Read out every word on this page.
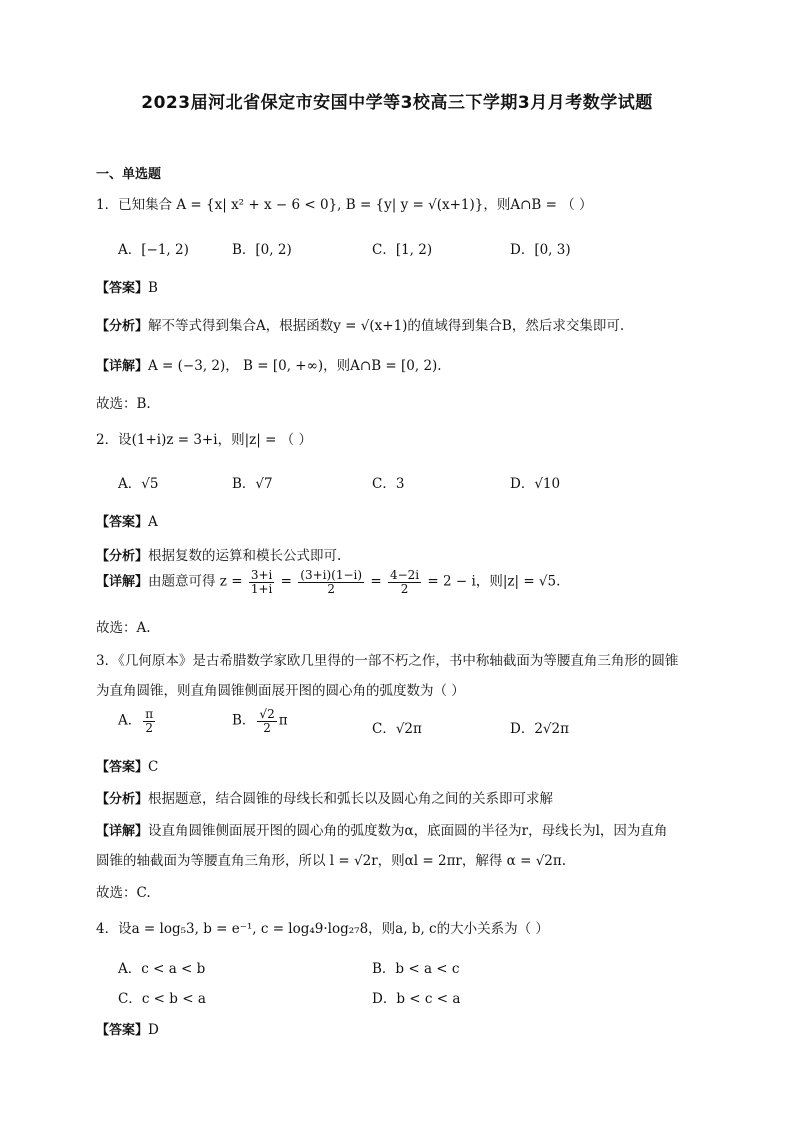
2023届河北省保定市安国中学等3校高三下学期3月月考数学试题
一、单选题
1．已知集合 A = {x| x² + x − 6 < 0}, B = {y| y = √(x+1)}，则A∩B = （ ）
A．[−1, 2)	B．[0, 2)	C．[1, 2)	D．[0, 3)
【答案】B
【分析】解不等式得到集合A，根据函数y = √(x+1)的值域得到集合B，然后求交集即可.
【详解】A = (−3, 2)， B = [0, +∞)，则A∩B = [0, 2).
故选：B.
2．设(1+i)z = 3+i，则|z| = （ ）
A．√5	B．√7	C．3	D．√10
【答案】A
【分析】根据复数的运算和模长公式即可.
【详解】由题意可得 $z = \frac{3+i}{1+i} = \frac{(3+i)(1-i)}{2} = \frac{4-2i}{2} = 2 - i$，则|z| = √5.
故选：A.
3．《几何原本》是古希腊数学家欧几里得的一部不朽之作，书中称轴截面为等腰直角三角形的圆锥
为直角圆锥，则直角圆锥侧面展开图的圆心角的弧度数为（ ）
A． $\frac{\pi}{2}$	B． $\frac{√2}{2}$ π
C．√2π	D．2√2π
【答案】C
【分析】根据题意，结合圆锥的母线长和弧长以及圆心角之间的关系即可求解
【详解】设直角圆锥侧面展开图的圆心角的弧度数为α，底面圆的半径为r，母线长为l，因为直角
圆锥的轴截面为等腰直角三角形，所以 l = √2r，则αl = 2πr，解得 α = √2π.
故选：C.
4．设a = log₅3, b = e⁻¹, c = log₄9·log₂₇8，则a, b, c的大小关系为（ ）
A．c < a < b	B．b < a < c
C．c < b < a	D．b < c < a
【答案】D
